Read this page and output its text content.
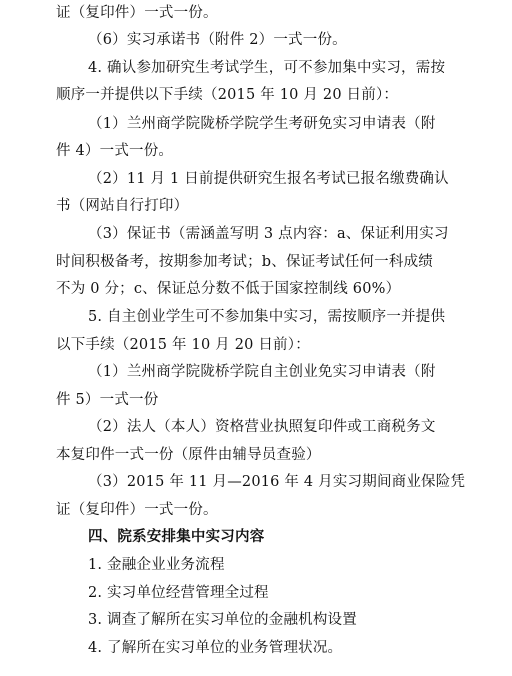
证（复印件）一式一份。
（6）实习承诺书（附件 2）一式一份。
4. 确认参加研究生考试学生，可不参加集中实习，需按
顺序一并提供以下手续（2015 年 10 月 20 日前）：
（1）兰州商学院陇桥学院学生考研免实习申请表（附
件 4）一式一份。
（2）11 月 1 日前提供研究生报名考试已报名缴费确认
书（网站自行打印）
（3）保证书（需涵盖写明 3 点内容：a、保证利用实习
时间积极备考，按期参加考试；b、保证考试任何一科成绩
不为 0 分；c、保证总分数不低于国家控制线 60%）
5. 自主创业学生可不参加集中实习，需按顺序一并提供
以下手续（2015 年 10 月 20 日前）：
（1）兰州商学院陇桥学院自主创业免实习申请表（附
件 5）一式一份
（2）法人（本人）资格营业执照复印件或工商税务文
本复印件一式一份（原件由辅导员查验）
（3）2015 年 11 月—2016 年 4 月实习期间商业保险凭
证（复印件）一式一份。
四、院系安排集中实习内容
1. 金融企业业务流程
2. 实习单位经营管理全过程
3. 调查了解所在实习单位的金融机构设置
4. 了解所在实习单位的业务管理状况。
